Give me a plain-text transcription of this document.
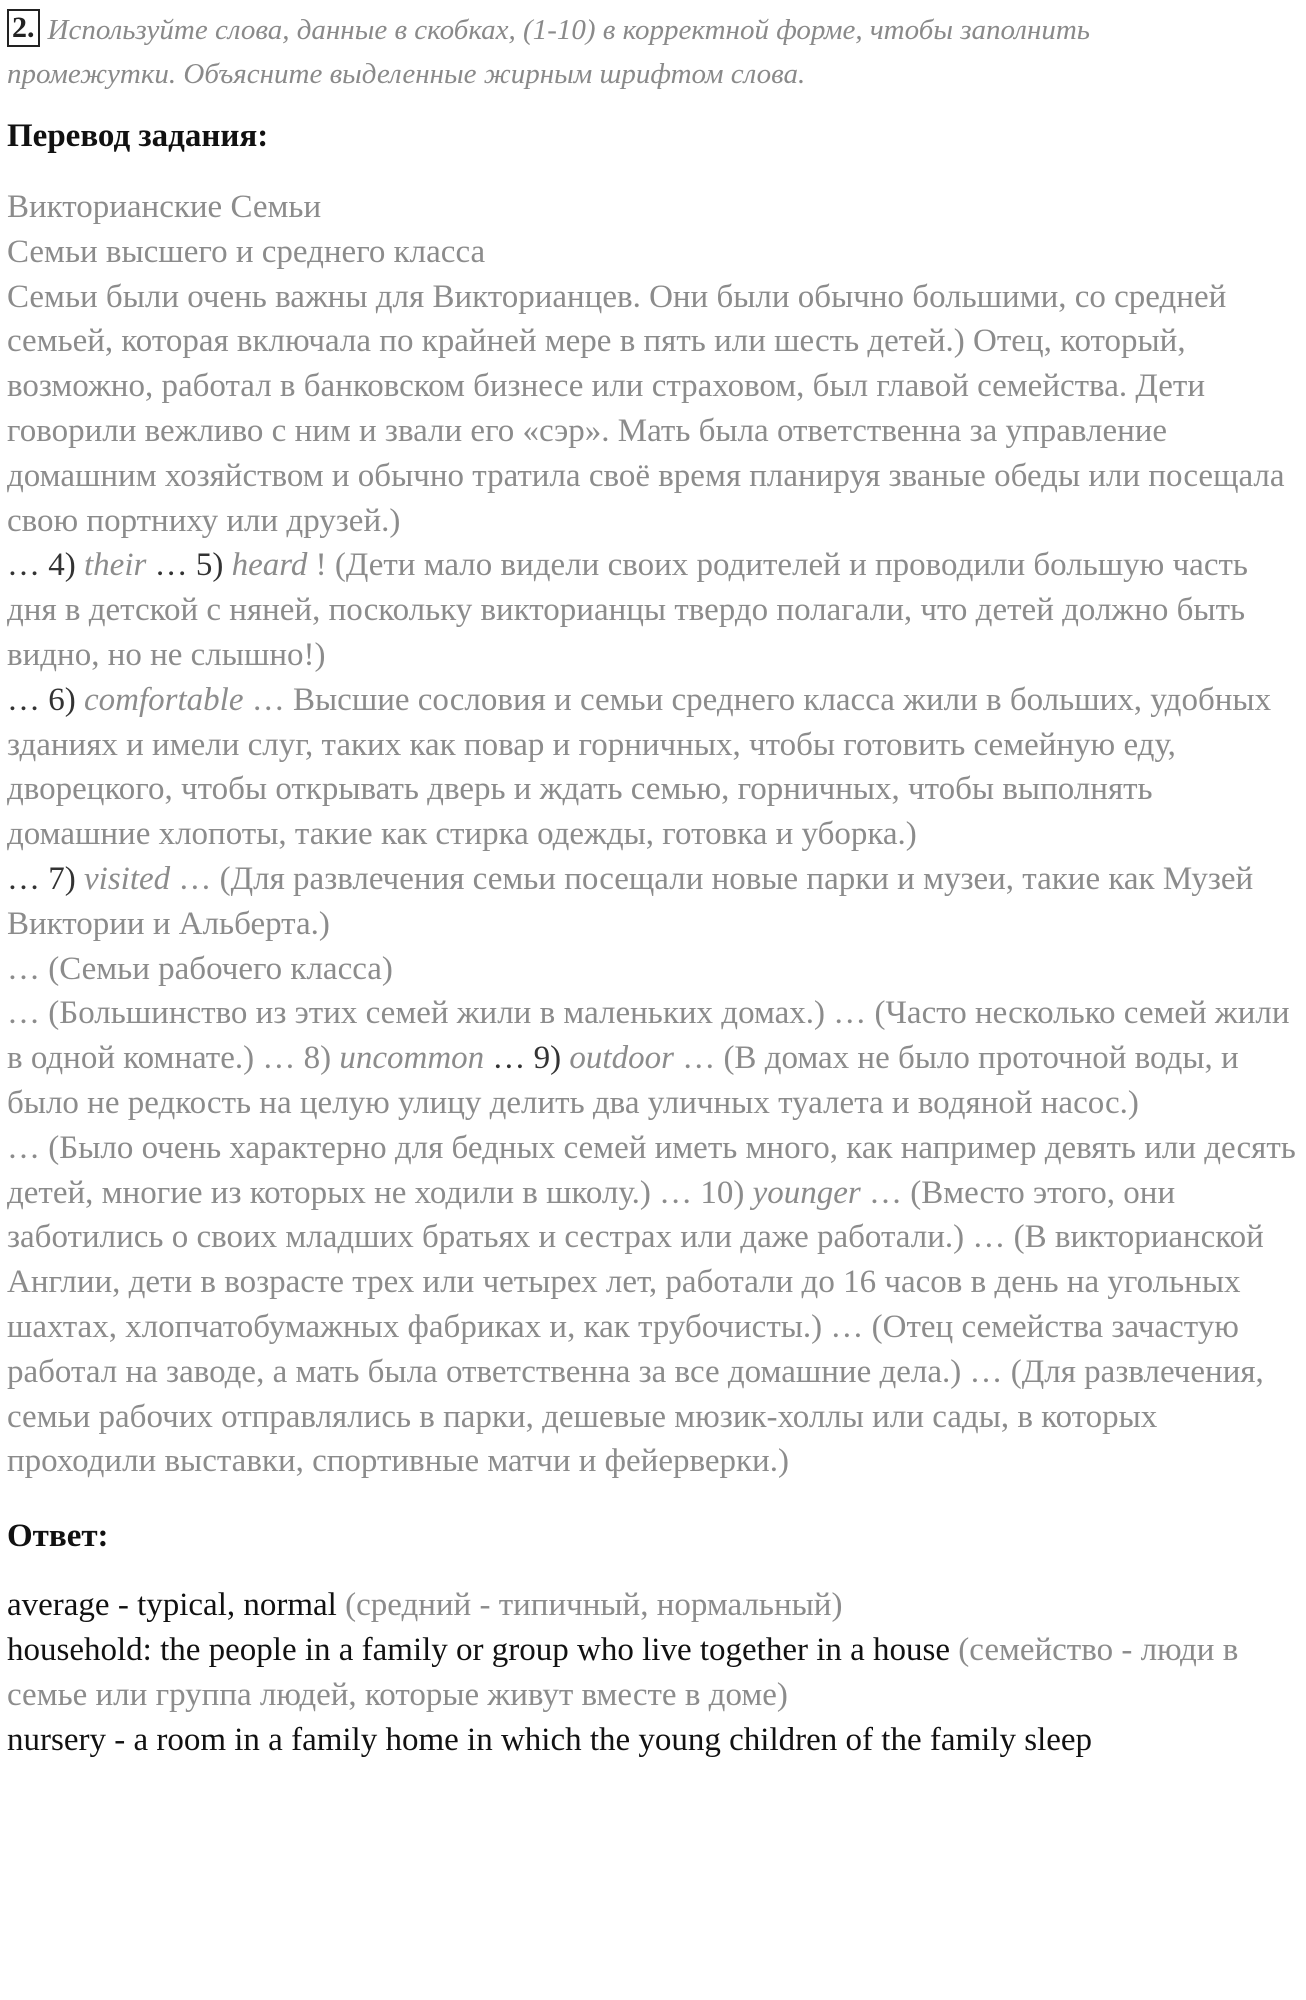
2. Используйте слова, данные в скобках, (1-10) в корректной форме, чтобы заполнить
промежутки. Объясните выделенные жирным шрифтом слова.

Перевод задания:

Викторианские Семьи

Семьи высшего и среднего класса

Семьи были очень важны для Викторианцев. Они были обычно большими, со средней семьей, которая включала по крайней мере в пять или шесть детей.) Отец, который, возможно, работал в банковском бизнесе или страховом, был главой семейства. Дети говорили вежливо с ним и звали его «сэр». Мать была ответственна за управление домашним хозяйством и обычно тратила своё время планируя званые обеды или посещала свою портниху или друзей.)

… 4) their … 5) heard ! (Дети мало видели своих родителей и проводили большую часть дня в детской с няней, поскольку викторианцы твердо полагали, что детей должно быть видно, но не слышно!)

… 6) comfortable … Высшие сословия и семьи среднего класса жили в больших, удобных зданиях и имели слуг, таких как повар и горничных, чтобы готовить семейную еду, дворецкого, чтобы открывать дверь и ждать семью, горничных, чтобы выполнять домашние хлопоты, такие как стирка одежды, готовка и уборка.)

… 7) visited … (Для развлечения семьи посещали новые парки и музеи, такие как Музей Виктории и Альберта.)

… (Семьи рабочего класса)

… (Большинство из этих семей жили в маленьких домах.) … (Часто несколько семей жили в одной комнате.) … 8) uncommon … 9) outdoor … (В домах не было проточной воды, и было не редкость на целую улицу делить два уличных туалета и водяной насос.)

… (Было очень характерно для бедных семей иметь много, как например девять или десять детей, многие из которых не ходили в школу.) … 10) younger … (Вместо этого, они заботились о своих младших братьях и сестрах или даже работали.) … (В викторианской Англии, дети в возрасте трех или четырех лет, работали до 16 часов в день на угольных шахтах, хлопчатобумажных фабриках и, как трубочисты.) … (Отец семейства зачастую работал на заводе, а мать была ответственна за все домашние дела.) … (Для развлечения, семьи рабочих отправлялись в парки, дешевые мюзик-холлы или сады, в которых проходили выставки, спортивные матчи и фейерверки.)

Ответ:

average - typical, normal (средний - типичный, нормальный)

household: the people in a family or group who live together in a house (семейство - люди в семье или группа людей, которые живут вместе в доме)

nursery - a room in a family home in which the young children of the family sleep
